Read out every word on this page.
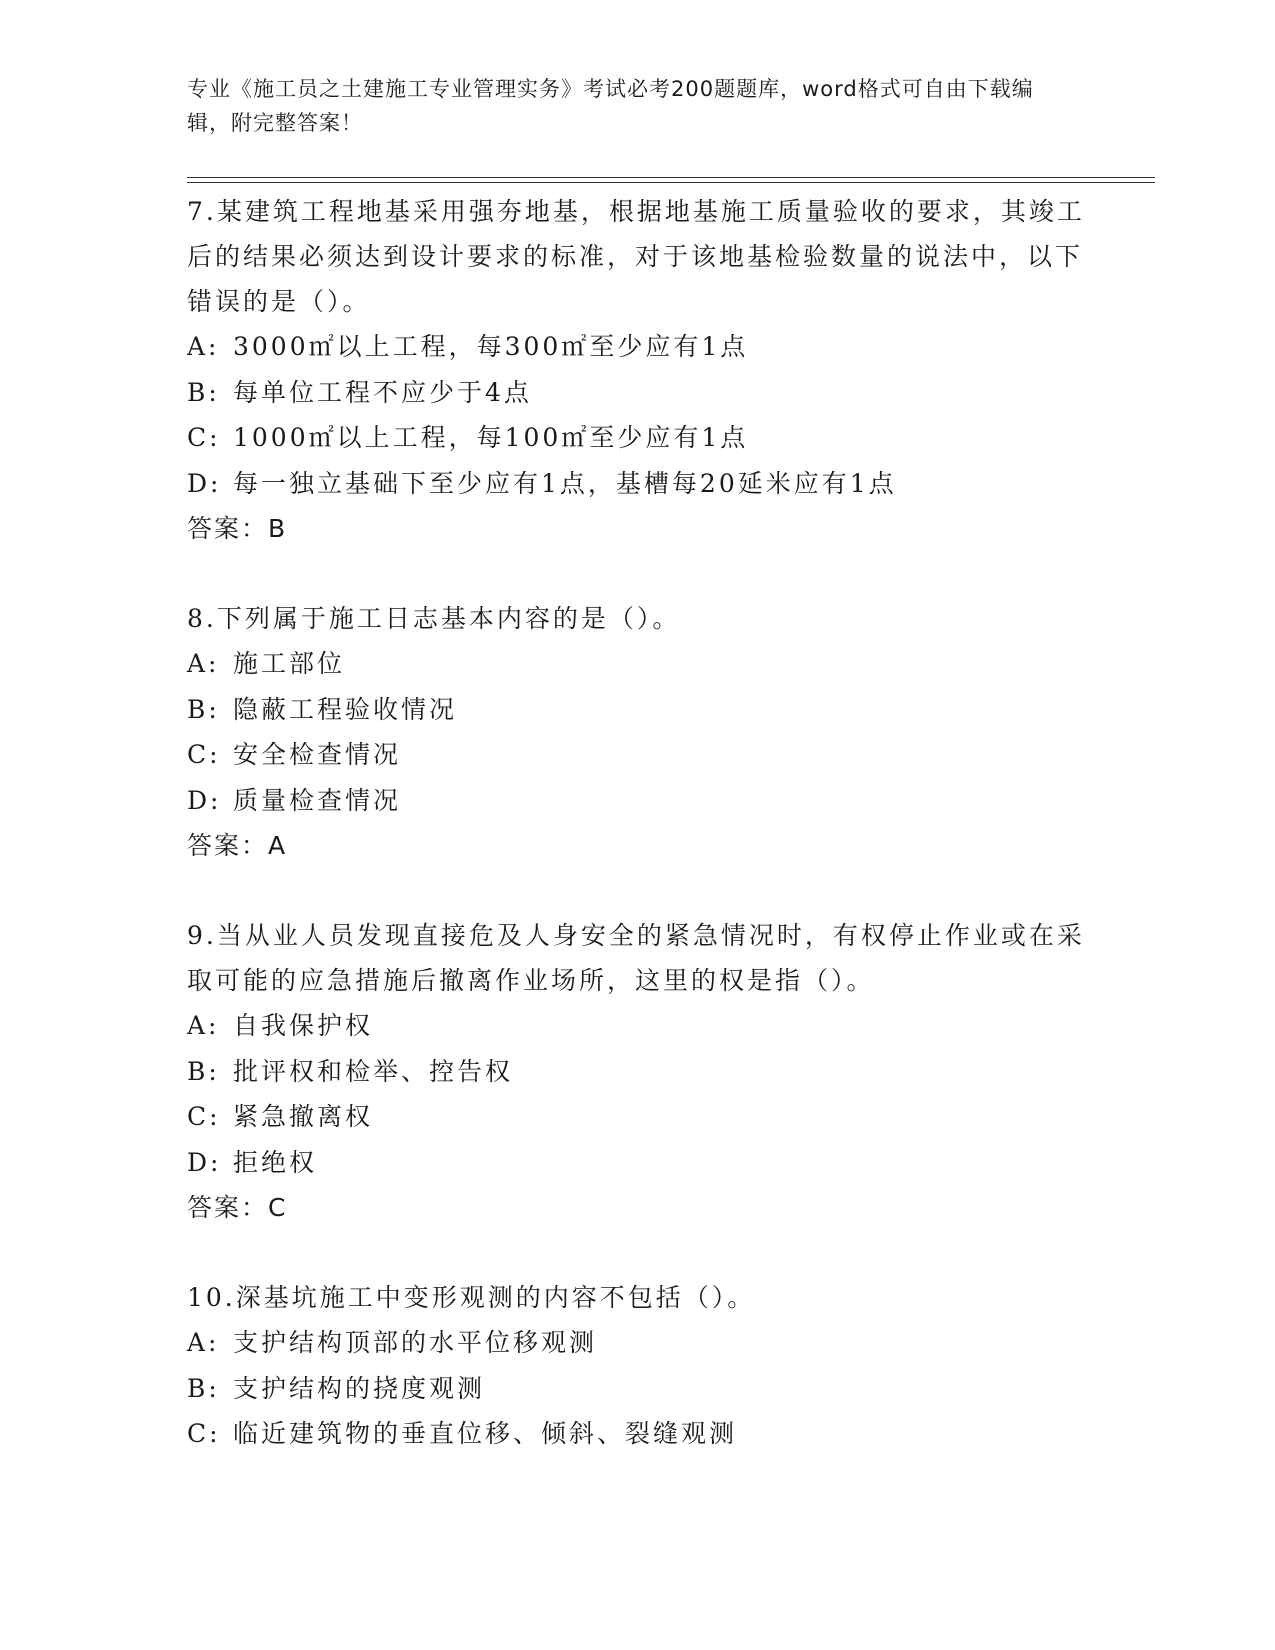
专业《施工员之土建施工专业管理实务》考试必考200题题库，word格式可自由下载编辑，附完整答案！

7.某建筑工程地基采用强夯地基，根据地基施工质量验收的要求，其竣工后的结果必须达到设计要求的标准，对于该地基检验数量的说法中，以下错误的是（）。

A: 3000㎡以上工程，每300㎡至少应有1点

B: 每单位工程不应少于4点

C: 1000㎡以上工程，每100㎡至少应有1点

D: 每一独立基础下至少应有1点，基槽每20延米应有1点

答案：B

8.下列属于施工日志基本内容的是（）。

A: 施工部位

B: 隐蔽工程验收情况

C: 安全检查情况

D: 质量检查情况

答案：A

9.当从业人员发现直接危及人身安全的紧急情况时，有权停止作业或在采取可能的应急措施后撤离作业场所，这里的权是指（）。

A: 自我保护权

B: 批评权和检举、控告权

C: 紧急撤离权

D: 拒绝权

答案：C

10.深基坑施工中变形观测的内容不包括（）。

A: 支护结构顶部的水平位移观测

B: 支护结构的挠度观测

C: 临近建筑物的垂直位移、倾斜、裂缝观测
